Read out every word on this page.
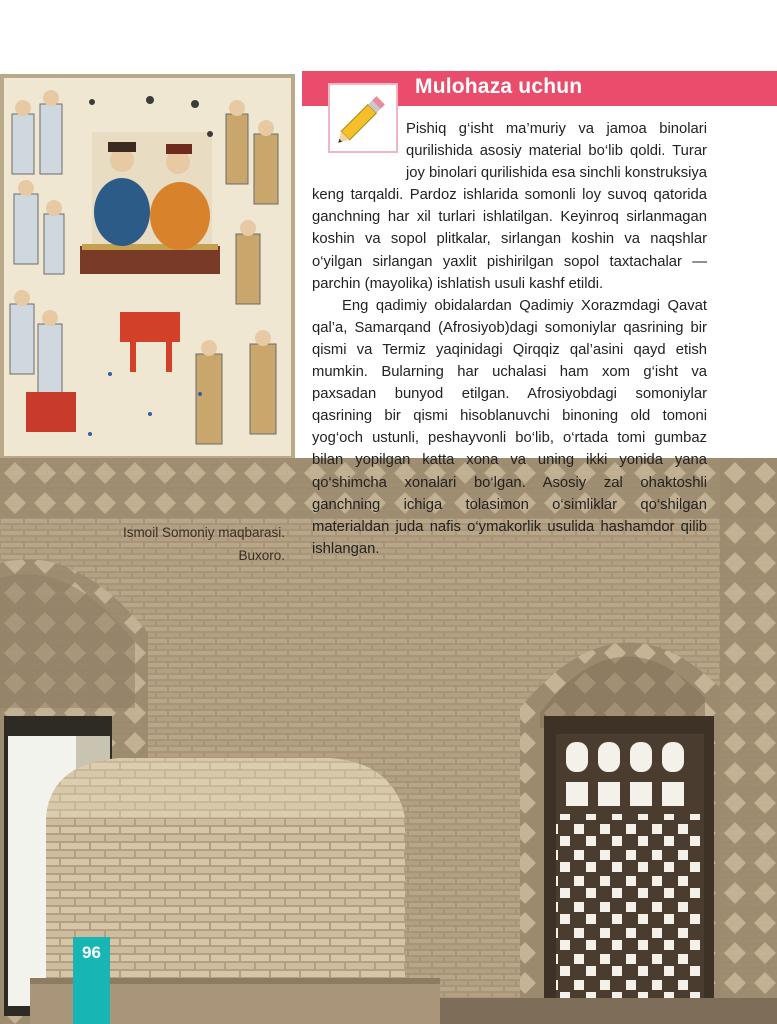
Mulohaza uchun

Pishiq g‘isht ma’muriy va jamoa binolari qurilishida asosiy material bo‘lib qoldi. Turar joy binolari qurilishida esa sinchli konstruksiya keng tarqaldi. Pardoz ishlarida somonli loy suvoq qatorida ganchning har xil turlari ishlatilgan. Keyinroq sirlanmagan koshin va sopol plitkalar, sirlangan koshin va naqshlar o‘yilgan sirlangan yaxlit pishirilgan sopol taxtachalar — parchin (mayolika) ishlatish usuli kashf etildi.

Eng qadimiy obidalardan Qadimiy Xorazmdagi Qavat qal’a, Samarqand (Afrosiyob)dagi somoniylar qasrining bir qismi va Termiz yaqinidagi Qirqqiz qal’asini qayd etish mumkin. Bularning har uchalasi ham xom g‘isht va paxsadan bunyod etilgan. Afrosiyobdagi somoniylar qasrining bir qismi hisoblanuvchi binoning old tomoni yog‘och ustunli, peshayvonli bo‘lib, o‘rtada tomi gumbaz bilan yopilgan katta xona va uning ikki yonida yana qo‘shimcha xonalari bo‘lgan. Asosiy zal ohaktoshli ganchning ichiga tolasimon o‘simliklar qo‘shilgan materialdan juda nafis o‘ymakorlik usulida hashamdor qilib ishlangan.

Ismoil Somoniy maqbarasi.
Buxoro.
96
